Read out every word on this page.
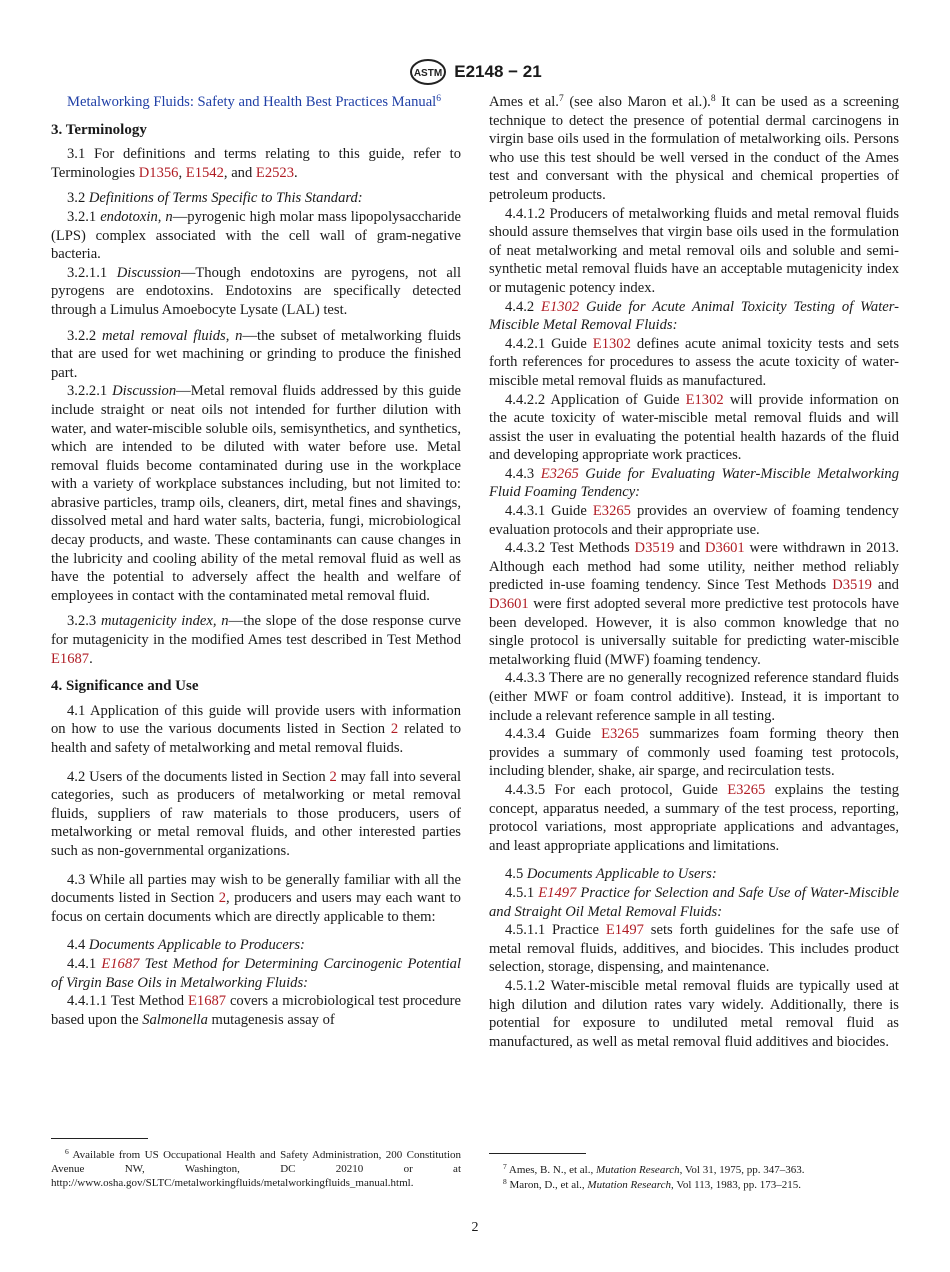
ASTM E2148 − 21

Metalworking Fluids: Safety and Health Best Practices Manual$^6$

3. Terminology

3.1 For definitions and terms relating to this guide, refer to Terminologies D1356, E1542, and E2523.

3.2 Definitions of Terms Specific to This Standard:

3.2.1 endotoxin, n—pyrogenic high molar mass lipopolysaccharide (LPS) complex associated with the cell wall of gram-negative bacteria.

3.2.1.1 Discussion—Though endotoxins are pyrogens, not all pyrogens are endotoxins. Endotoxins are specifically detected through a Limulus Amoebocyte Lysate (LAL) test.

3.2.2 metal removal fluids, n—the subset of metalworking fluids that are used for wet machining or grinding to produce the finished part.

3.2.2.1 Discussion—Metal removal fluids addressed by this guide include straight or neat oils not intended for further dilution with water, and water-miscible soluble oils, semisynthetics, and synthetics, which are intended to be diluted with water before use. Metal removal fluids become contaminated during use in the workplace with a variety of workplace substances including, but not limited to: abrasive particles, tramp oils, cleaners, dirt, metal fines and shavings, dissolved metal and hard water salts, bacteria, fungi, microbiological decay products, and waste. These contaminants can cause changes in the lubricity and cooling ability of the metal removal fluid as well as have the potential to adversely affect the health and welfare of employees in contact with the contaminated metal removal fluid.

3.2.3 mutagenicity index, n—the slope of the dose response curve for mutagenicity in the modified Ames test described in Test Method E1687.

4. Significance and Use

4.1 Application of this guide will provide users with information on how to use the various documents listed in Section 2 related to health and safety of metalworking and metal removal fluids.

4.2 Users of the documents listed in Section 2 may fall into several categories, such as producers of metalworking or metal removal fluids, suppliers of raw materials to those producers, users of metalworking or metal removal fluids, and other interested parties such as non-governmental organizations.

4.3 While all parties may wish to be generally familiar with all the documents listed in Section 2, producers and users may each want to focus on certain documents which are directly applicable to them:

4.4 Documents Applicable to Producers:

4.4.1 E1687 Test Method for Determining Carcinogenic Potential of Virgin Base Oils in Metalworking Fluids:

4.4.1.1 Test Method E1687 covers a microbiological test procedure based upon the Salmonella mutagenesis assay of

Ames et al.$^7$ (see also Maron et al.).$^8$ It can be used as a screening technique to detect the presence of potential dermal carcinogens in virgin base oils used in the formulation of metalworking oils. Persons who use this test should be well versed in the conduct of the Ames test and conversant with the physical and chemical properties of petroleum products.

4.4.1.2 Producers of metalworking fluids and metal removal fluids should assure themselves that virgin base oils used in the formulation of neat metalworking and metal removal oils and soluble and semi-synthetic metal removal fluids have an acceptable mutagenicity index or mutagenic potency index.

4.4.2 E1302 Guide for Acute Animal Toxicity Testing of Water-Miscible Metal Removal Fluids:

4.4.2.1 Guide E1302 defines acute animal toxicity tests and sets forth references for procedures to assess the acute toxicity of water-miscible metal removal fluids as manufactured.

4.4.2.2 Application of Guide E1302 will provide information on the acute toxicity of water-miscible metal removal fluids and will assist the user in evaluating the potential health hazards of the fluid and developing appropriate work practices.

4.4.3 E3265 Guide for Evaluating Water-Miscible Metalworking Fluid Foaming Tendency:

4.4.3.1 Guide E3265 provides an overview of foaming tendency evaluation protocols and their appropriate use.

4.4.3.2 Test Methods D3519 and D3601 were withdrawn in 2013. Although each method had some utility, neither method reliably predicted in-use foaming tendency. Since Test Methods D3519 and D3601 were first adopted several more predictive test protocols have been developed. However, it is also common knowledge that no single protocol is universally suitable for predicting water-miscible metalworking fluid (MWF) foaming tendency.

4.4.3.3 There are no generally recognized reference standard fluids (either MWF or foam control additive). Instead, it is important to include a relevant reference sample in all testing.

4.4.3.4 Guide E3265 summarizes foam forming theory then provides a summary of commonly used foaming test protocols, including blender, shake, air sparge, and recirculation tests.

4.4.3.5 For each protocol, Guide E3265 explains the testing concept, apparatus needed, a summary of the test process, reporting, protocol variations, most appropriate applications and advantages, and least appropriate applications and limitations.

4.5 Documents Applicable to Users:

4.5.1 E1497 Practice for Selection and Safe Use of Water-Miscible and Straight Oil Metal Removal Fluids:

4.5.1.1 Practice E1497 sets forth guidelines for the safe use of metal removal fluids, additives, and biocides. This includes product selection, storage, dispensing, and maintenance.

4.5.1.2 Water-miscible metal removal fluids are typically used at high dilution and dilution rates vary widely. Additionally, there is potential for exposure to undiluted metal removal fluid as manufactured, as well as metal removal fluid additives and biocides.

$^6$ Available from US Occupational Health and Safety Administration, 200 Constitution Avenue NW, Washington, DC 20210 or at http://www.osha.gov/SLTC/metalworkingfluids/metalworkingfluids_manual.html.
$^7$ Ames, B. N., et al., Mutation Research, Vol 31, 1975, pp. 347–363.
$^8$ Maron, D., et al., Mutation Research, Vol 113, 1983, pp. 173–215.
2
